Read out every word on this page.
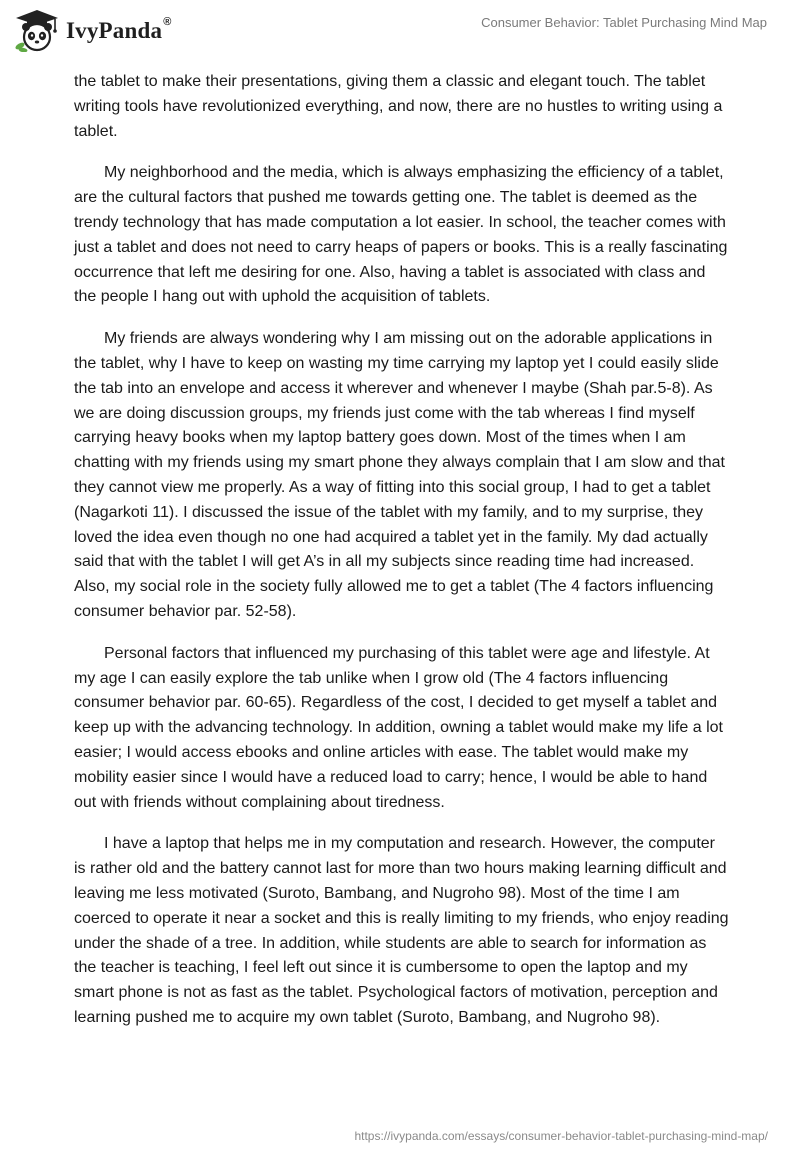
IvyPanda®	Consumer Behavior: Tablet Purchasing Mind Map

the tablet to make their presentations, giving them a classic and elegant touch. The tablet writing tools have revolutionized everything, and now, there are no hustles to writing using a tablet.

My neighborhood and the media, which is always emphasizing the efficiency of a tablet, are the cultural factors that pushed me towards getting one. The tablet is deemed as the trendy technology that has made computation a lot easier. In school, the teacher comes with just a tablet and does not need to carry heaps of papers or books. This is a really fascinating occurrence that left me desiring for one. Also, having a tablet is associated with class and the people I hang out with uphold the acquisition of tablets.

My friends are always wondering why I am missing out on the adorable applications in the tablet, why I have to keep on wasting my time carrying my laptop yet I could easily slide the tab into an envelope and access it wherever and whenever I maybe (Shah par.5-8). As we are doing discussion groups, my friends just come with the tab whereas I find myself carrying heavy books when my laptop battery goes down. Most of the times when I am chatting with my friends using my smart phone they always complain that I am slow and that they cannot view me properly. As a way of fitting into this social group, I had to get a tablet (Nagarkoti 11). I discussed the issue of the tablet with my family, and to my surprise, they loved the idea even though no one had acquired a tablet yet in the family. My dad actually said that with the tablet I will get A’s in all my subjects since reading time had increased. Also, my social role in the society fully allowed me to get a tablet (The 4 factors influencing consumer behavior par. 52-58).

Personal factors that influenced my purchasing of this tablet were age and lifestyle. At my age I can easily explore the tab unlike when I grow old (The 4 factors influencing consumer behavior par. 60-65). Regardless of the cost, I decided to get myself a tablet and keep up with the advancing technology. In addition, owning a tablet would make my life a lot easier; I would access ebooks and online articles with ease. The tablet would make my mobility easier since I would have a reduced load to carry; hence, I would be able to hand out with friends without complaining about tiredness.

I have a laptop that helps me in my computation and research. However, the computer is rather old and the battery cannot last for more than two hours making learning difficult and leaving me less motivated (Suroto, Bambang, and Nugroho 98). Most of the time I am coerced to operate it near a socket and this is really limiting to my friends, who enjoy reading under the shade of a tree. In addition, while students are able to search for information as the teacher is teaching, I feel left out since it is cumbersome to open the laptop and my smart phone is not as fast as the tablet. Psychological factors of motivation, perception and learning pushed me to acquire my own tablet (Suroto, Bambang, and Nugroho 98).

https://ivypanda.com/essays/consumer-behavior-tablet-purchasing-mind-map/
